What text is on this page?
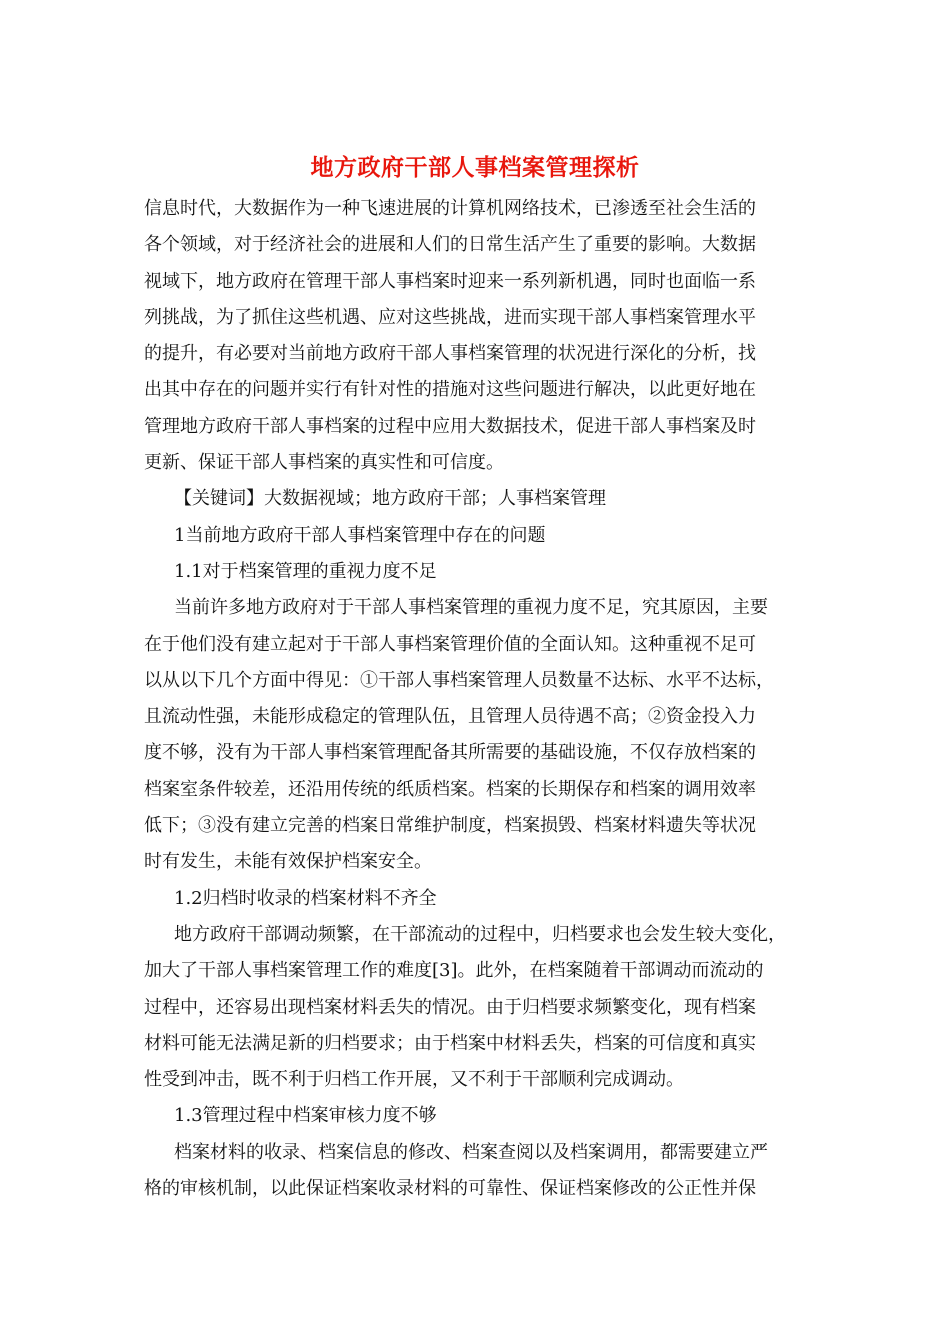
地方政府干部人事档案管理探析
信息时代，大数据作为一种飞速进展的计算机网络技术，已渗透至社会生活的
各个领域，对于经济社会的进展和人们的日常生活产生了重要的影响。大数据
视域下，地方政府在管理干部人事档案时迎来一系列新机遇，同时也面临一系
列挑战，为了抓住这些机遇、应对这些挑战，进而实现干部人事档案管理水平
的提升，有必要对当前地方政府干部人事档案管理的状况进行深化的分析，找
出其中存在的问题并实行有针对性的措施对这些问题进行解决，以此更好地在
管理地方政府干部人事档案的过程中应用大数据技术，促进干部人事档案及时
更新、保证干部人事档案的真实性和可信度。
【关键词】大数据视域；地方政府干部；人事档案管理
1当前地方政府干部人事档案管理中存在的问题
1.1对于档案管理的重视力度不足
当前许多地方政府对于干部人事档案管理的重视力度不足，究其原因，主要
在于他们没有建立起对于干部人事档案管理价值的全面认知。这种重视不足可
以从以下几个方面中得见：①干部人事档案管理人员数量不达标、水平不达标，
且流动性强，未能形成稳定的管理队伍，且管理人员待遇不高；②资金投入力
度不够，没有为干部人事档案管理配备其所需要的基础设施，不仅存放档案的
档案室条件较差，还沿用传统的纸质档案。档案的长期保存和档案的调用效率
低下；③没有建立完善的档案日常维护制度，档案损毁、档案材料遗失等状况
时有发生，未能有效保护档案安全。
1.2归档时收录的档案材料不齐全
地方政府干部调动频繁，在干部流动的过程中，归档要求也会发生较大变化，
加大了干部人事档案管理工作的难度[3]。此外，在档案随着干部调动而流动的
过程中，还容易出现档案材料丢失的情况。由于归档要求频繁变化，现有档案
材料可能无法满足新的归档要求；由于档案中材料丢失，档案的可信度和真实
性受到冲击，既不利于归档工作开展，又不利于干部顺利完成调动。
1.3管理过程中档案审核力度不够
档案材料的收录、档案信息的修改、档案查阅以及档案调用，都需要建立严
格的审核机制，以此保证档案收录材料的可靠性、保证档案修改的公正性并保
